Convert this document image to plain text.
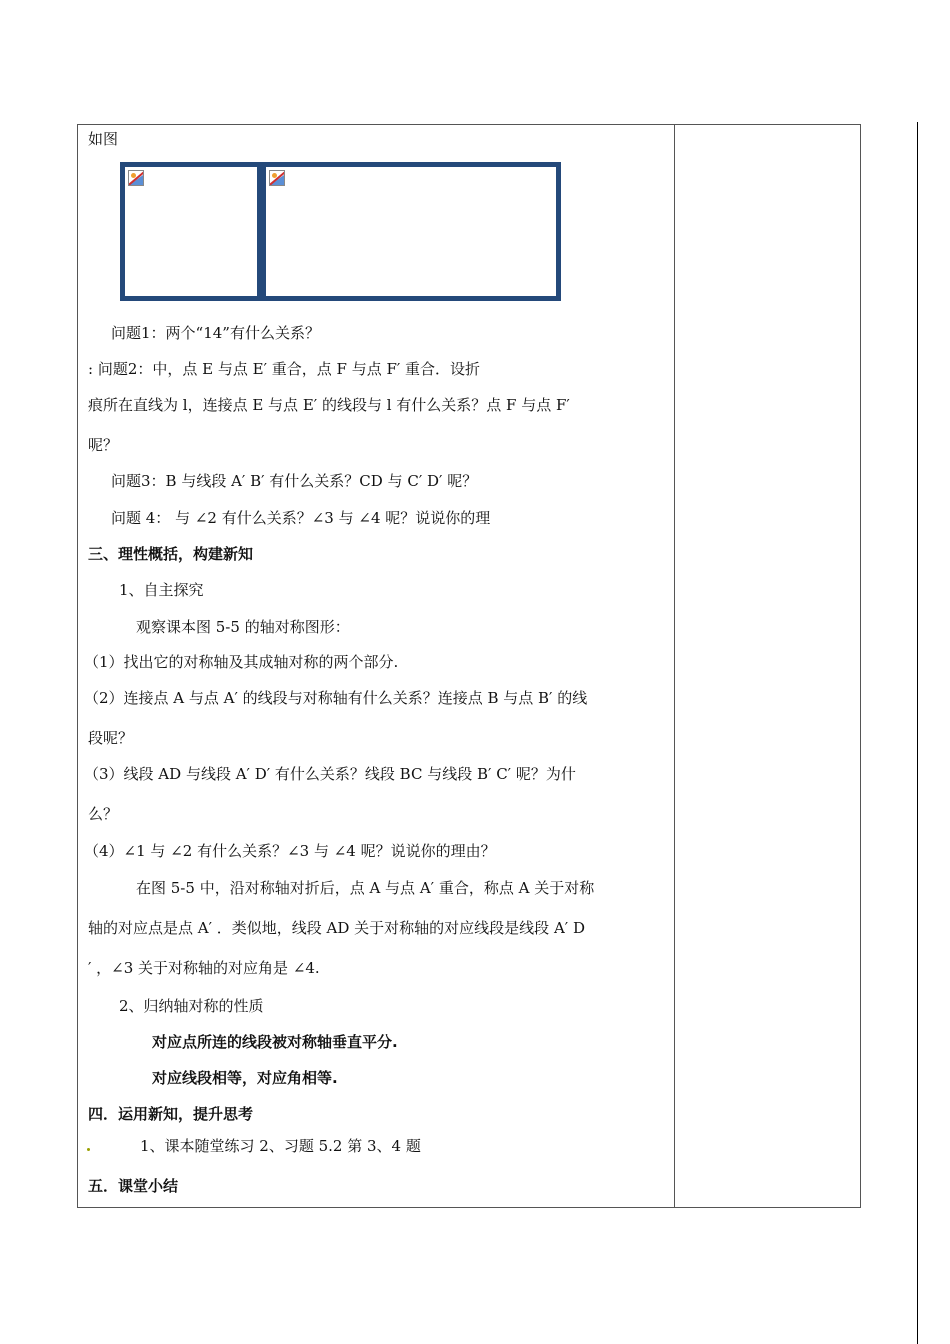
如图
问题1：两个“14”有什么关系？
: 问题2：中，点 E 与点 E′ 重合，点 F 与点 F′ 重合．设折
痕所在直线为 l，连接点 E 与点 E′ 的线段与 l 有什么关系？点 F 与点 F′
呢？
问题3：B 与线段 A′ B′ 有什么关系？CD 与 C′ D′ 呢？
问题 4： 与 ∠2 有什么关系？∠3 与 ∠4 呢？说说你的理
三、理性概括，构建新知
1、自主探究
观察课本图 5-5 的轴对称图形：
（1）找出它的对称轴及其成轴对称的两个部分.
（2）连接点 A 与点 A′ 的线段与对称轴有什么关系？连接点 B 与点 B′ 的线
段呢？
（3）线段 AD 与线段 A′ D′ 有什么关系？线段 BC 与线段 B′ C′ 呢？为什
么？
（4）∠1 与 ∠2 有什么关系？∠3 与 ∠4 呢？说说你的理由？
在图 5-5 中，沿对称轴对折后，点 A 与点 A′ 重合，称点 A 关于对称
轴的对应点是点 A′ ．类似地，线段 AD 关于对称轴的对应线段是线段 A′ D
′ ，∠3 关于对称轴的对应角是 ∠4.
2、归纳轴对称的性质
对应点所连的线段被对称轴垂直平分.
对应线段相等，对应角相等.
四．运用新知，提升思考
1、课本随堂练习 2、习题 5.2 第 3、4 题
五．课堂小结
